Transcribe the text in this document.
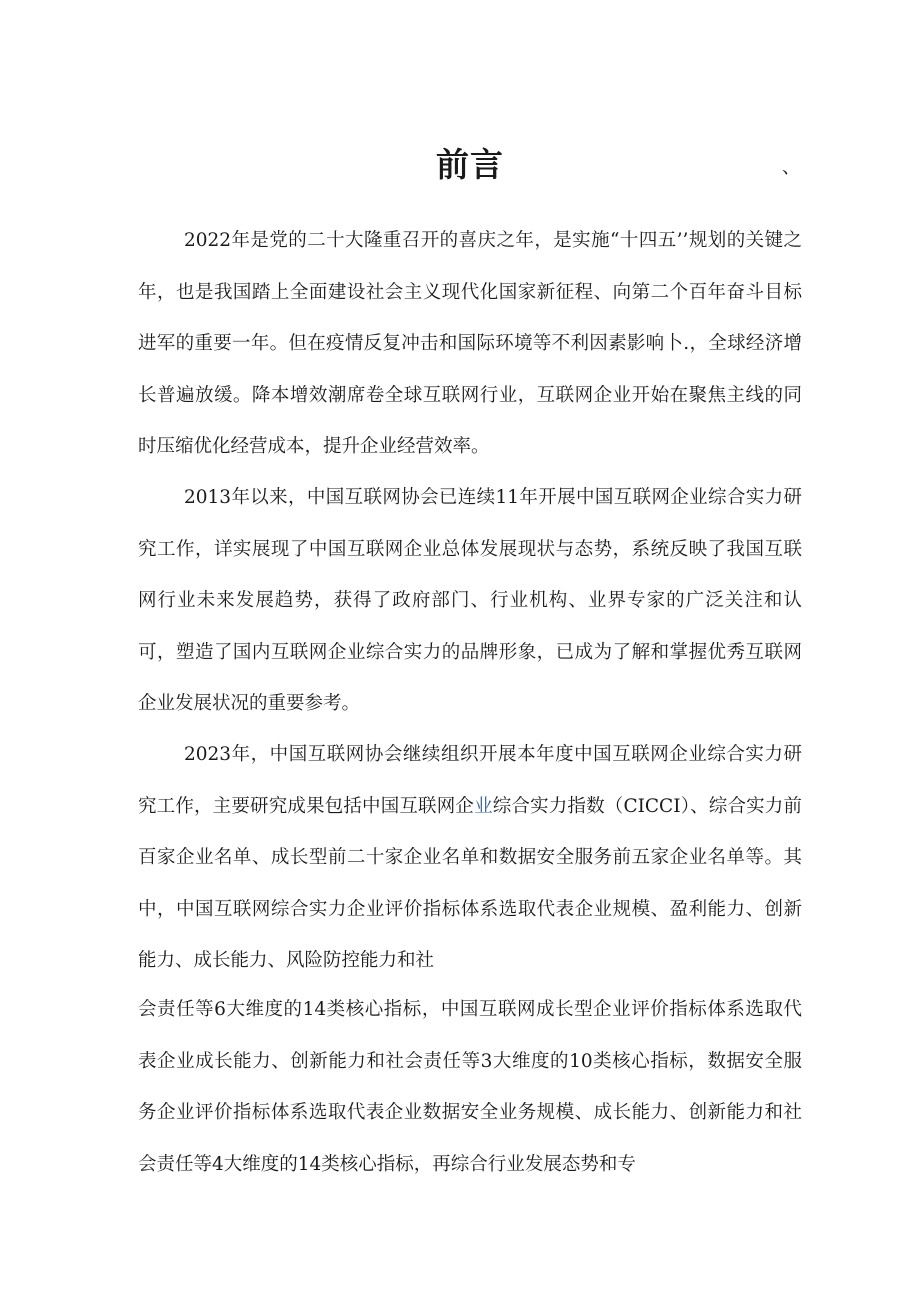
前言	、

2022年是党的二十大隆重召开的喜庆之年，是实施“十四五’’规划的关键之年，也是我国踏上全面建设社会主义现代化国家新征程、向第二个百年奋斗目标进军的重要一年。但在疫情反复冲击和国际环境等不利因素影响卜.，全球经济增长普遍放缓。降本增效潮席卷全球互联网行业，互联网企业开始在聚焦主线的同时压缩优化经营成本，提升企业经营效率。

2013年以来，中国互联网协会已连续11年开展中国互联网企业综合实力研究工作，详实展现了中国互联网企业总体发展现状与态势，系统反映了我国互联网行业未来发展趋势，获得了政府部门、行业机构、业界专家的广泛关注和认可，塑造了国内互联网企业综合实力的品牌形象，已成为了解和掌握优秀互联网企业发展状况的重要参考。

2023年，中国互联网协会继续组织开展本年度中国互联网企业综合实力研究工作，主要研究成果包括中国互联网企业综合实力指数（CICCI）、综合实力前百家企业名单、成长型前二十家企业名单和数据安全服务前五家企业名单等。其中，中国互联网综合实力企业评价指标体系选取代表企业规模、盈利能力、创新能力、成长能力、风险防控能力和社

会责任等6大维度的14类核心指标，中国互联网成长型企业评价指标体系选取代表企业成长能力、创新能力和社会责任等3大维度的10类核心指标，数据安全服务企业评价指标体系选取代表企业数据安全业务规模、成长能力、创新能力和社会责任等4大维度的14类核心指标，再综合行业发展态势和专
